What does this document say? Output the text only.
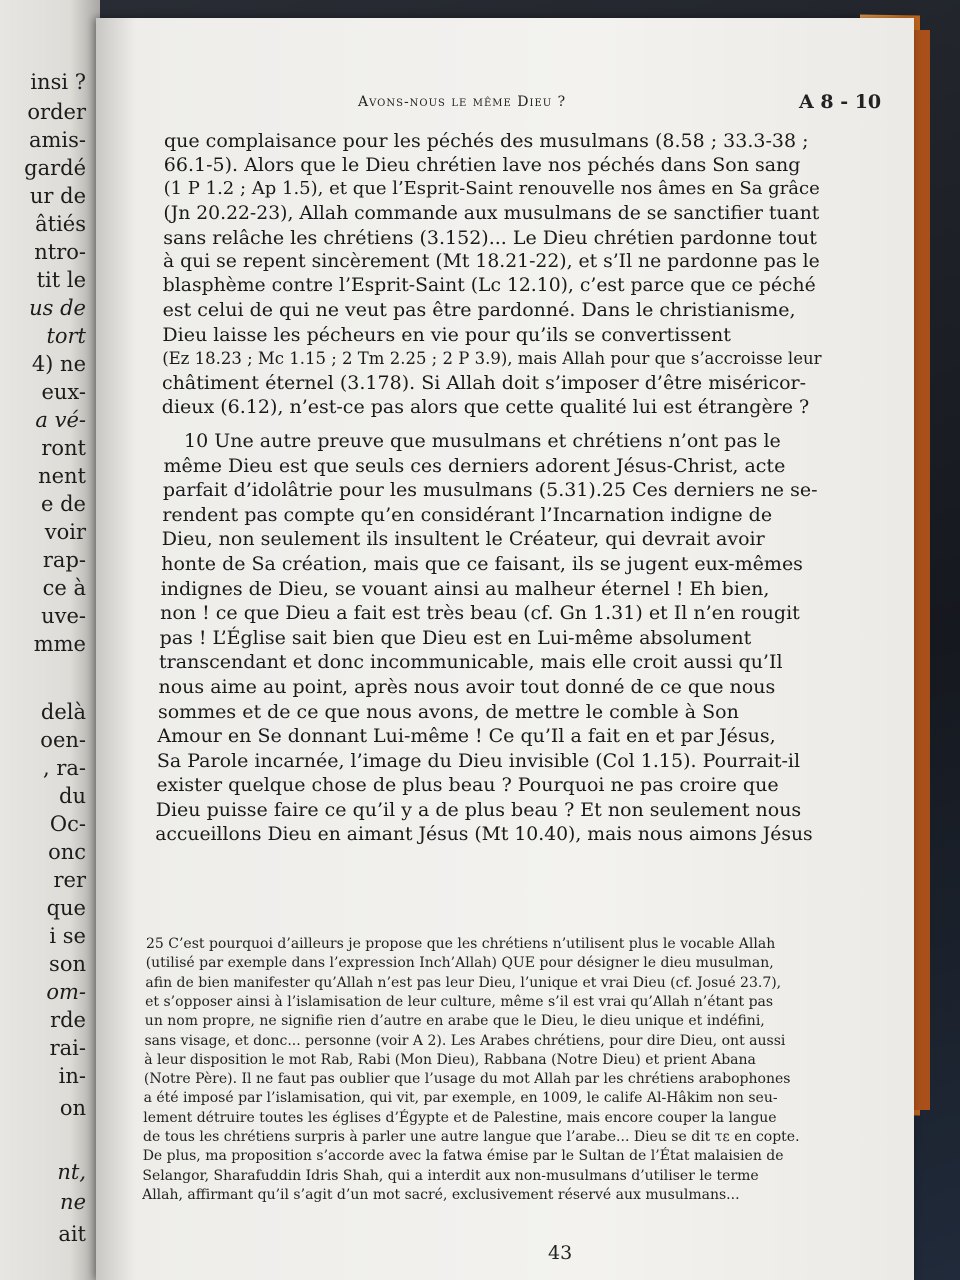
insi ?
order
amis-
gardé
ur de
âtiés
ntro-
tit le
us de
tort
4) ne
eux-
a vé-
ront
nent
e de
voir
rap-
ce à
uve-
mme
delà
oen-
, ra-
du
Oc-
onc
rer
que
i se
son
om-
rde
rai-
in-
on
nt,
ne
ait
Avons-nous le même Dieu ?	A 8 - 10
que complaisance pour les péchés des musulmans (8.58 ; 33.3-38 ;
66.1-5). Alors que le Dieu chrétien lave nos péchés dans Son sang
(1 P 1.2 ; Ap 1.5), et que l’Esprit-Saint renouvelle nos âmes en Sa grâce
(Jn 20.22-23), Allah commande aux musulmans de se sanctifier tuant
sans relâche les chrétiens (3.152)... Le Dieu chrétien pardonne tout
à qui se repent sincèrement (Mt 18.21-22), et s’Il ne pardonne pas le
blasphème contre l’Esprit-Saint (Lc 12.10), c’est parce que ce péché
est celui de qui ne veut pas être pardonné. Dans le christianisme,
Dieu laisse les pécheurs en vie pour qu’ils se convertissent
(Ez 18.23 ; Mc 1.15 ; 2 Tm 2.25 ; 2 P 3.9), mais Allah pour que s’accroisse leur
châtiment éternel (3.178). Si Allah doit s’imposer d’être miséricor-
dieux (6.12), n’est-ce pas alors que cette qualité lui est étrangère ?
10 Une autre preuve que musulmans et chrétiens n’ont pas le
même Dieu est que seuls ces derniers adorent Jésus-Christ, acte
parfait d’idolâtrie pour les musulmans (5.31).25 Ces derniers ne se-
rendent pas compte qu’en considérant l’Incarnation indigne de
Dieu, non seulement ils insultent le Créateur, qui devrait avoir
honte de Sa création, mais que ce faisant, ils se jugent eux-mêmes
indignes de Dieu, se vouant ainsi au malheur éternel ! Eh bien,
non ! ce que Dieu a fait est très beau (cf. Gn 1.31) et Il n’en rougit
pas ! L’Église sait bien que Dieu est en Lui-même absolument
transcendant et donc incommunicable, mais elle croit aussi qu’Il
nous aime au point, après nous avoir tout donné de ce que nous
sommes et de ce que nous avons, de mettre le comble à Son
Amour en Se donnant Lui-même ! Ce qu’Il a fait en et par Jésus,
Sa Parole incarnée, l’image du Dieu invisible (Col 1.15). Pourrait-il
exister quelque chose de plus beau ? Pourquoi ne pas croire que
Dieu puisse faire ce qu’il y a de plus beau ? Et non seulement nous
accueillons Dieu en aimant Jésus (Mt 10.40), mais nous aimons Jésus
25 C’est pourquoi d’ailleurs je propose que les chrétiens n’utilisent plus le vocable Allah
(utilisé par exemple dans l’expression Inch’Allah) QUE pour désigner le dieu musulman,
afin de bien manifester qu’Allah n’est pas leur Dieu, l’unique et vrai Dieu (cf. Josué 23.7),
et s’opposer ainsi à l’islamisation de leur culture, même s’il est vrai qu’Allah n’étant pas
un nom propre, ne signifie rien d’autre en arabe que le Dieu, le dieu unique et indéfini,
sans visage, et donc... personne (voir A 2). Les Arabes chrétiens, pour dire Dieu, ont aussi
à leur disposition le mot Rab, Rabi (Mon Dieu), Rabbana (Notre Dieu) et prient Abana
(Notre Père). Il ne faut pas oublier que l’usage du mot Allah par les chrétiens arabophones
a été imposé par l’islamisation, qui vit, par exemple, en 1009, le calife Al-Hâkim non seu-
lement détruire toutes les églises d’Égypte et de Palestine, mais encore couper la langue
de tous les chrétiens surpris à parler une autre langue que l’arabe... Dieu se dit τε en copte.
De plus, ma proposition s’accorde avec la fatwa émise par le Sultan de l’État malaisien de
Selangor, Sharafuddin Idris Shah, qui a interdit aux non-musulmans d’utiliser le terme
Allah, affirmant qu’il s’agit d’un mot sacré, exclusivement réservé aux musulmans...
43
